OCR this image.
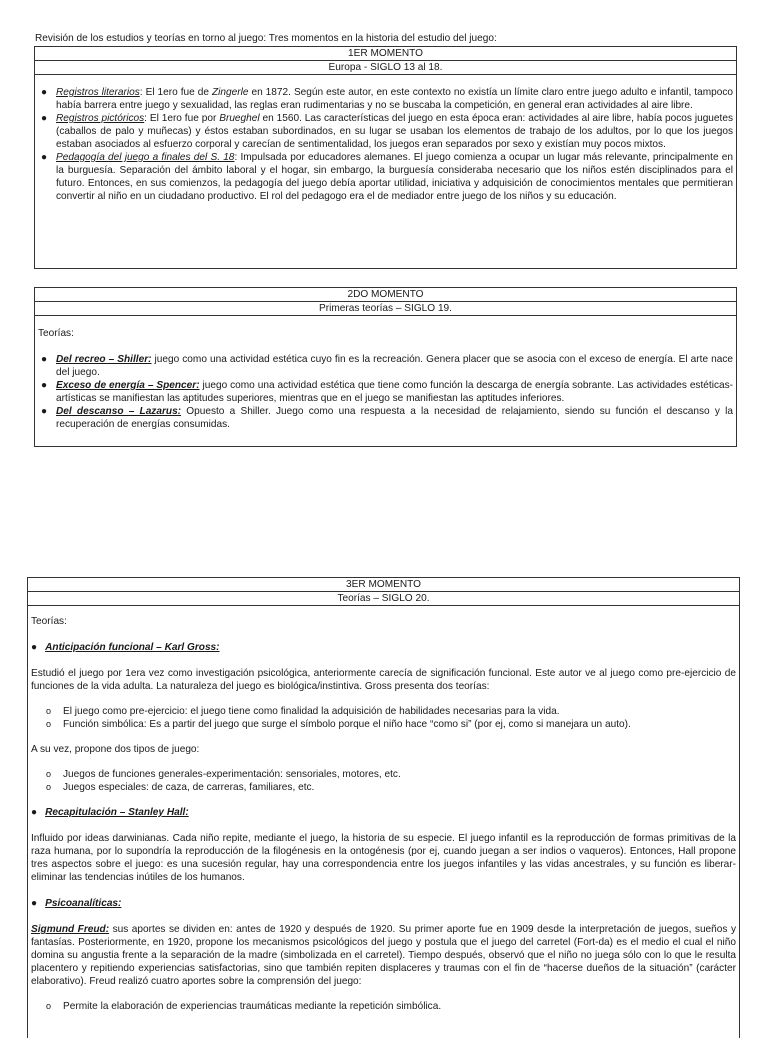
Revisión de los estudios y teorías en torno al juego: Tres momentos en la historia del estudio del juego:
1ER MOMENTO
Europa - SIGLO 13 al 18.
● Registros literarios: El 1ero fue de Zingerle en 1872. Según este autor, en este contexto no existía un límite claro entre juego adulto e infantil, tampoco había barrera entre juego y sexualidad, las reglas eran rudimentarias y no se buscaba la competición, en general eran actividades al aire libre.
● Registros pictóricos: El 1ero fue por Brueghel en 1560. Las características del juego en esta época eran: actividades al aire libre, había pocos juguetes (caballos de palo y muñecas) y éstos estaban subordinados, en su lugar se usaban los elementos de trabajo de los adultos, por lo que los juegos estaban asociados al esfuerzo corporal y carecían de sentimentalidad, los juegos eran separados por sexo y existían muy pocos mixtos.
● Pedagogía del juego a finales del S. 18: Impulsada por educadores alemanes. El juego comienza a ocupar un lugar más relevante, principalmente en la burguesía. Separación del ámbito laboral y el hogar, sin embargo, la burguesía consideraba necesario que los niños estén disciplinados para el futuro. Entonces, en sus comienzos, la pedagogía del juego debía aportar utilidad, iniciativa y adquisición de conocimientos mentales que permitieran convertir al niño en un ciudadano productivo. El rol del pedagogo era el de mediador entre juego de los niños y su educación.
2DO MOMENTO
Primeras teorías – SIGLO 19.

Teorías:

● Del recreo – Shiller: juego como una actividad estética cuyo fin es la recreación. Genera placer que se asocia con el exceso de energía. El arte nace del juego.
● Exceso de energía – Spencer: juego como una actividad estética que tiene como función la descarga de energía sobrante. Las actividades estéticas-artísticas se manifiestan las aptitudes superiores, mientras que en el juego se manifiestan las aptitudes inferiores.
● Del descanso – Lazarus: Opuesto a Shiller. Juego como una respuesta a la necesidad de relajamiento, siendo su función el descanso y la recuperación de energías consumidas.
3ER MOMENTO
Teorías – SIGLO 20.

Teorías:

● Anticipación funcional – Karl Gross:

Estudió el juego por 1era vez como investigación psicológica, anteriormente carecía de significación funcional. Este autor ve al juego como pre-ejercicio de funciones de la vida adulta. La naturaleza del juego es biológica/instintiva. Gross presenta dos teorías:

o El juego como pre-ejercicio: el juego tiene como finalidad la adquisición de habilidades necesarias para la vida.
o Función simbólica: Es a partir del juego que surge el símbolo porque el niño hace “como si” (por ej, como si manejara un auto).

A su vez, propone dos tipos de juego:

o Juegos de funciones generales-experimentación: sensoriales, motores, etc.
o Juegos especiales: de caza, de carreras, familiares, etc.

● Recapitulación – Stanley Hall:

Influido por ideas darwinianas. Cada niño repite, mediante el juego, la historia de su especie. El juego infantil es la reproducción de formas primitivas de la raza humana, por lo supondría la reproducción de la filogénesis en la ontogénesis (por ej, cuando juegan a ser indios o vaqueros). Entonces, Hall propone tres aspectos sobre el juego: es una sucesión regular, hay una correspondencia entre los juegos infantiles y las vidas ancestrales, y su función es liberar-eliminar las tendencias inútiles de los humanos.

● Psicoanalíticas:

Sigmund Freud: sus aportes se dividen en: antes de 1920 y después de 1920. Su primer aporte fue en 1909 desde la interpretación de juegos, sueños y fantasías. Posteriormente, en 1920, propone los mecanismos psicológicos del juego y postula que el juego del carretel (Fort-da) es el medio el cual el niño domina su angustia frente a la separación de la madre (simbolizada en el carretel). Tiempo después, observó que el niño no juega sólo con lo que le resulta placentero y repitiendo experiencias satisfactorias, sino que también repiten displaceres y traumas con el fin de “hacerse dueños de la situación” (carácter elaborativo). Freud realizó cuatro aportes sobre la comprensión del juego:

o Permite la elaboración de experiencias traumáticas mediante la repetición simbólica.
